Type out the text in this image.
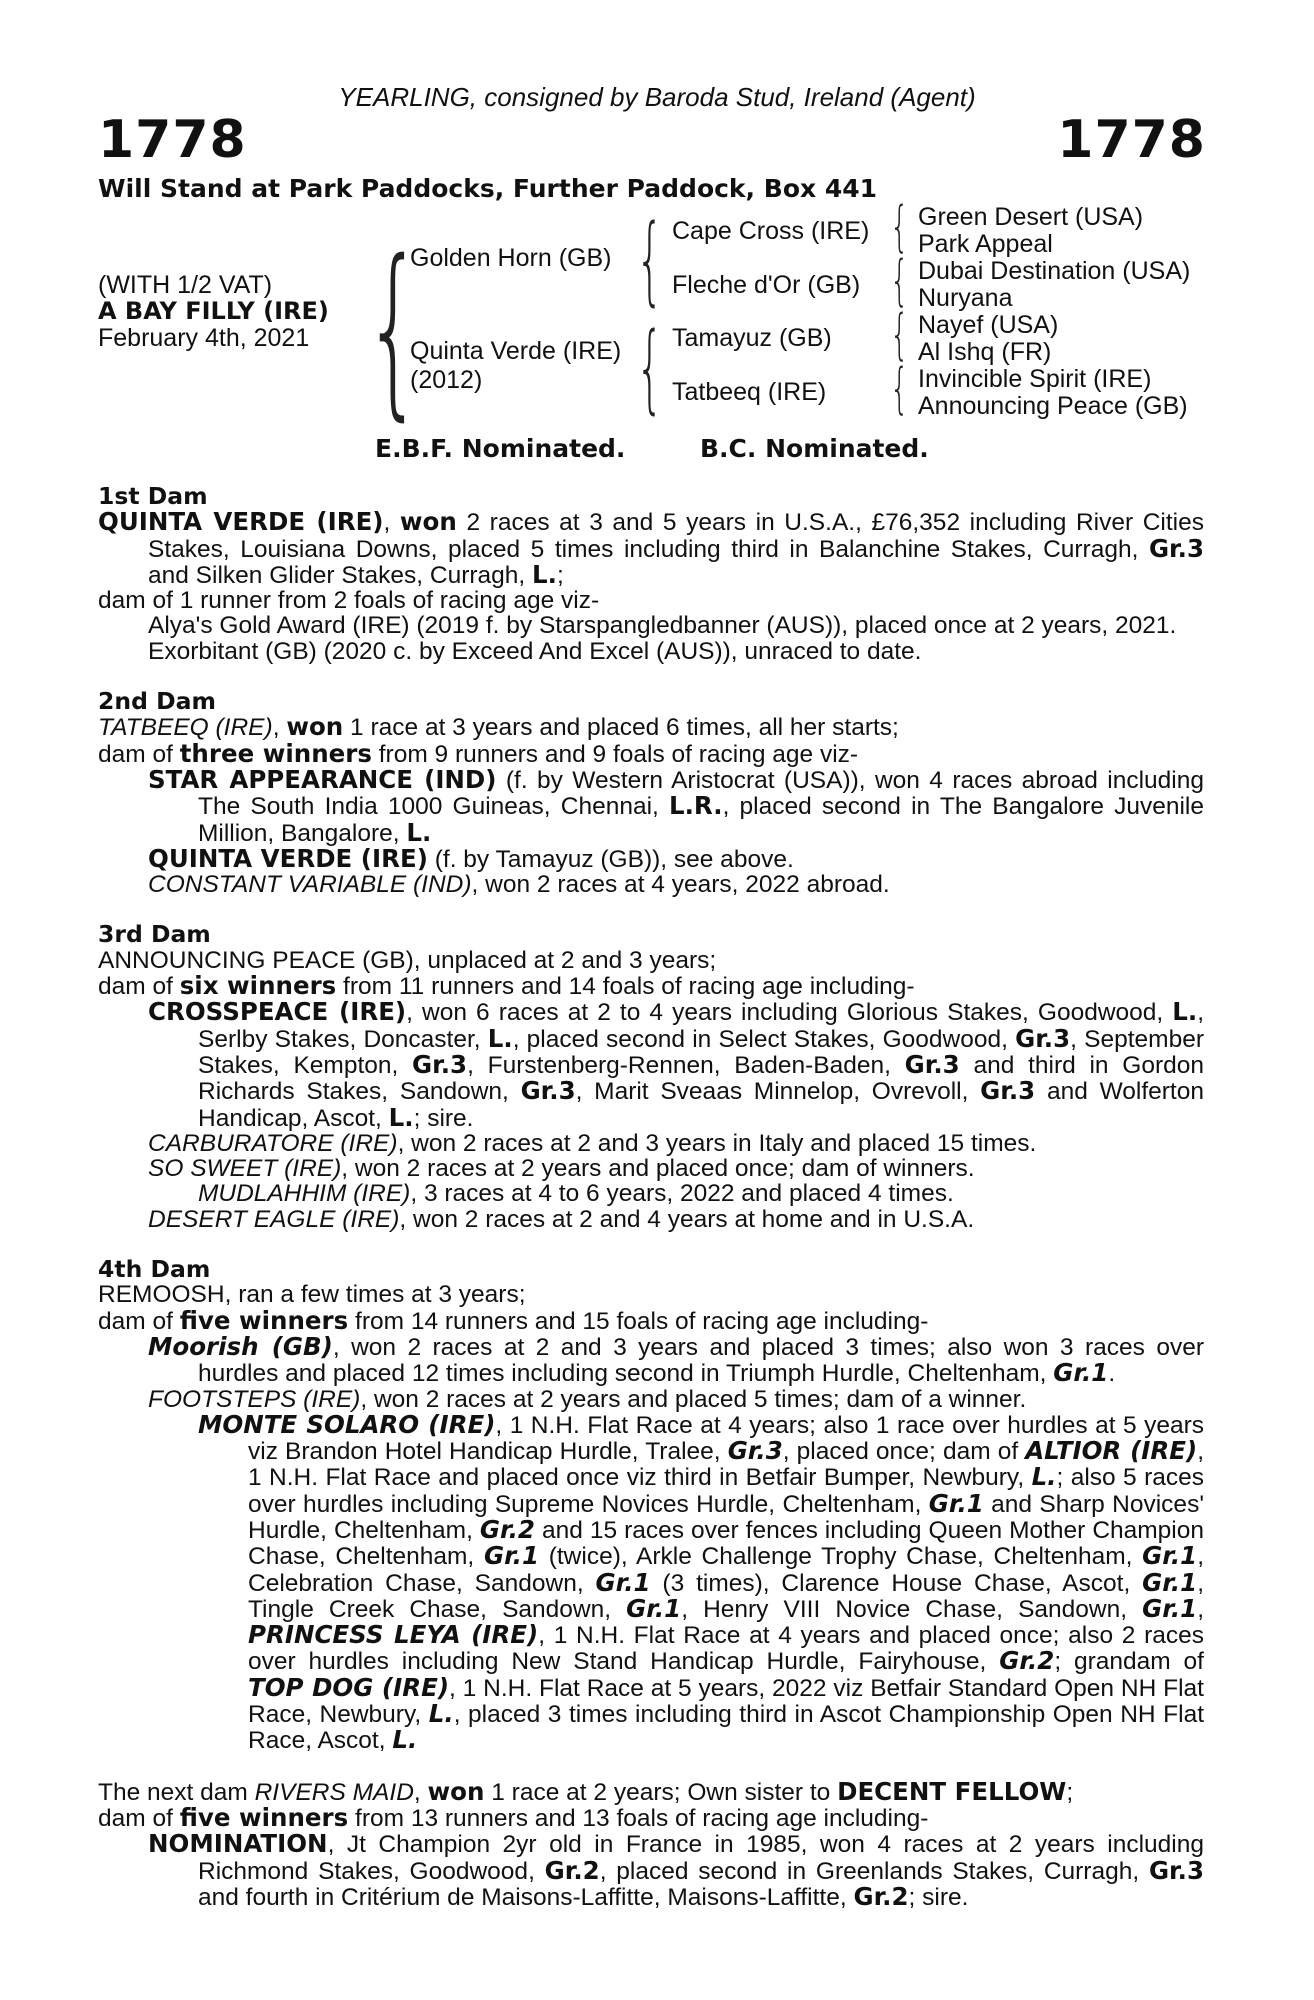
YEARLING, consigned by Baroda Stud, Ireland (Agent)
1778	1778
Will Stand at Park Paddocks, Further Paddock, Box 441
(WITH 1/2 VAT)
A BAY FILLY (IRE)
February 4th, 2021 {
Golden Horn (GB)
Quinta Verde (IRE)
(2012)
{
{
Cape Cross (IRE)
Fleche d'Or (GB)
Tamayuz (GB)
Tatbeeq (IRE)
{
{
{
{
Green Desert (USA)
Park Appeal
Dubai Destination (USA)
Nuryana
Nayef (USA)
Al Ishq (FR)
Invincible Spirit (IRE)
Announcing Peace (GB)
E.B.F. Nominated.	B.C. Nominated.

1st Dam

QUINTA VERDE (IRE), won 2 races at 3 and 5 years in U.S.A., £76,352 including River Cities Stakes, Louisiana Downs, placed 5 times including third in Balanchine Stakes, Curragh, Gr.3 and Silken Glider Stakes, Curragh, L.;

dam of 1 runner from 2 foals of racing age viz-

Alya's Gold Award (IRE) (2019 f. by Starspangledbanner (AUS)), placed once at 2 years, 2021.

Exorbitant (GB) (2020 c. by Exceed And Excel (AUS)), unraced to date.

2nd Dam

TATBEEQ (IRE), won 1 race at 3 years and placed 6 times, all her starts;

dam of three winners from 9 runners and 9 foals of racing age viz-

STAR APPEARANCE (IND) (f. by Western Aristocrat (USA)), won 4 races abroad including The South India 1000 Guineas, Chennai, L.R., placed second in The Bangalore Juvenile Million, Bangalore, L.

QUINTA VERDE (IRE) (f. by Tamayuz (GB)), see above.

CONSTANT VARIABLE (IND), won 2 races at 4 years, 2022 abroad.

3rd Dam

ANNOUNCING PEACE (GB), unplaced at 2 and 3 years;

dam of six winners from 11 runners and 14 foals of racing age including-

CROSSPEACE (IRE), won 6 races at 2 to 4 years including Glorious Stakes, Goodwood, L., Serlby Stakes, Doncaster, L., placed second in Select Stakes, Goodwood, Gr.3, September Stakes, Kempton, Gr.3, Furstenberg-Rennen, Baden-Baden, Gr.3 and third in Gordon Richards Stakes, Sandown, Gr.3, Marit Sveaas Minnelop, Ovrevoll, Gr.3 and Wolferton Handicap, Ascot, L.; sire.

CARBURATORE (IRE), won 2 races at 2 and 3 years in Italy and placed 15 times.

SO SWEET (IRE), won 2 races at 2 years and placed once; dam of winners.

MUDLAHHIM (IRE), 3 races at 4 to 6 years, 2022 and placed 4 times.

DESERT EAGLE (IRE), won 2 races at 2 and 4 years at home and in U.S.A.

4th Dam

REMOOSH, ran a few times at 3 years;

dam of five winners from 14 runners and 15 foals of racing age including-

Moorish (GB), won 2 races at 2 and 3 years and placed 3 times; also won 3 races over hurdles and placed 12 times including second in Triumph Hurdle, Cheltenham, Gr.1.

FOOTSTEPS (IRE), won 2 races at 2 years and placed 5 times; dam of a winner.

MONTE SOLARO (IRE), 1 N.H. Flat Race at 4 years; also 1 race over hurdles at 5 years viz Brandon Hotel Handicap Hurdle, Tralee, Gr.3, placed once; dam of ALTIOR (IRE), 1 N.H. Flat Race and placed once viz third in Betfair Bumper, Newbury, L.; also 5 races over hurdles including Supreme Novices Hurdle, Cheltenham, Gr.1 and Sharp Novices' Hurdle, Cheltenham, Gr.2 and 15 races over fences including Queen Mother Champion Chase, Cheltenham, Gr.1 (twice), Arkle Challenge Trophy Chase, Cheltenham, Gr.1, Celebration Chase, Sandown, Gr.1 (3 times), Clarence House Chase, Ascot, Gr.1, Tingle Creek Chase, Sandown, Gr.1, Henry VIII Novice Chase, Sandown, Gr.1, PRINCESS LEYA (IRE), 1 N.H. Flat Race at 4 years and placed once; also 2 races over hurdles including New Stand Handicap Hurdle, Fairyhouse, Gr.2; grandam of TOP DOG (IRE), 1 N.H. Flat Race at 5 years, 2022 viz Betfair Standard Open NH Flat Race, Newbury, L., placed 3 times including third in Ascot Championship Open NH Flat Race, Ascot, L.

The next dam RIVERS MAID, won 1 race at 2 years; Own sister to DECENT FELLOW;

dam of five winners from 13 runners and 13 foals of racing age including-

NOMINATION, Jt Champion 2yr old in France in 1985, won 4 races at 2 years including Richmond Stakes, Goodwood, Gr.2, placed second in Greenlands Stakes, Curragh, Gr.3 and fourth in Critérium de Maisons-Laffitte, Maisons-Laffitte, Gr.2; sire.
